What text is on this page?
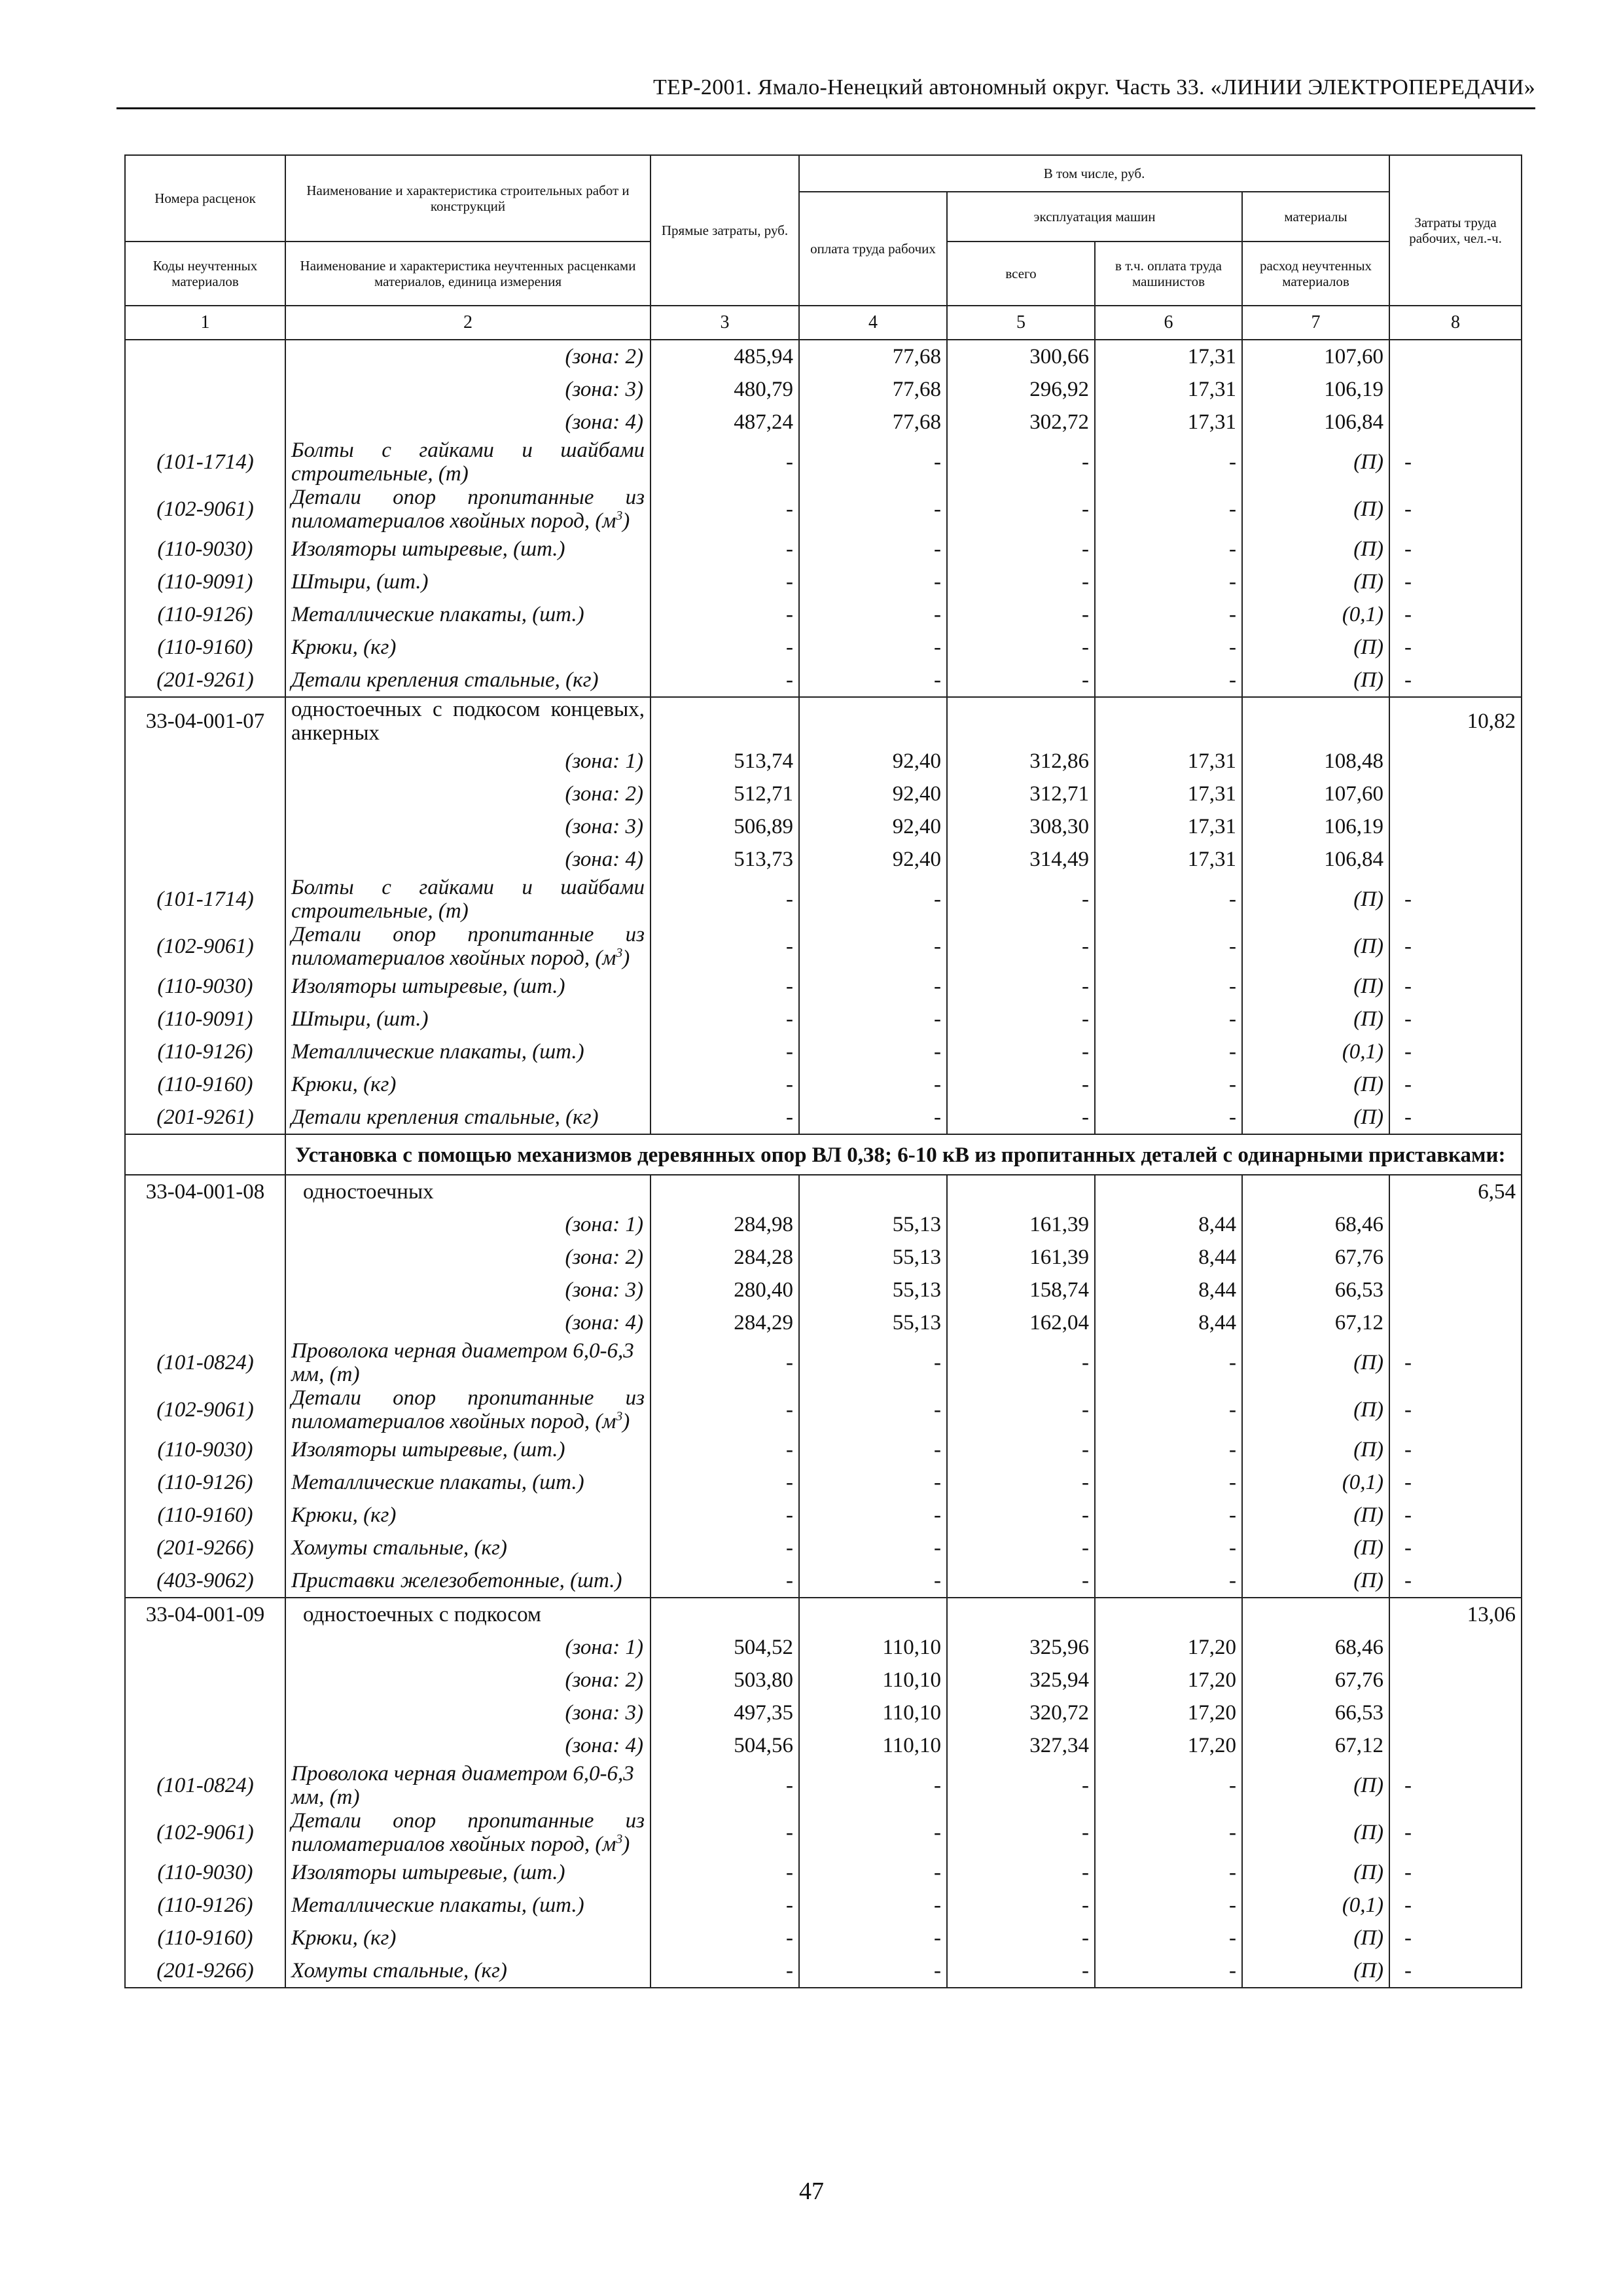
ТЕР-2001. Ямало-Ненецкий автономный округ. Часть 33. «ЛИНИИ ЭЛЕКТРОПЕРЕДАЧИ»
Номера расценок	Наименование и характеристика строительных работ и конструкций	Прямые затраты, руб.	В том числе, руб.				Затраты труда рабочих, чел.-ч.
			оплата труда рабочих	эксплуатация машин		материалы	
Коды неучтенных материалов	Наименование и характеристика неучтенных расценками материалов, единица измерения			всего	в т.ч. оплата труда машинистов	расход неучтенных материалов	
1	2	3	4	5	6	7	8
	(зона: 2)	485,94	77,68	300,66	17,31	107,60	
	(зона: 3)	480,79	77,68	296,92	17,31	106,19	
	(зона: 4)	487,24	77,68	302,72	17,31	106,84	
(101-1714)	Болты с гайками и шайбами строительные, (т)	-	-	-	-	(П)	-
(102-9061)	Детали опор пропитанные из пиломатериалов хвойных пород, $(м^3)$	-	-	-	-	(П)	-
(110-9030)	Изоляторы штыревые, (шт.)	-	-	-	-	(П)	-
(110-9091)	Штыри, (шт.)	-	-	-	-	(П)	-
(110-9126)	Металлические плакаты, (шт.)	-	-	-	-	(0,1)	-
(110-9160)	Крюки, (кг)	-	-	-	-	(П)	-
(201-9261)	Детали крепления стальные, (кг)	-	-	-	-	(П)	-
33-04-001-07	одностоечных с подкосом концевых, анкерных						10,82
	(зона: 1)	513,74	92,40	312,86	17,31	108,48	
	(зона: 2)	512,71	92,40	312,71	17,31	107,60	
	(зона: 3)	506,89	92,40	308,30	17,31	106,19	
	(зона: 4)	513,73	92,40	314,49	17,31	106,84	
(101-1714)	Болты с гайками и шайбами строительные, (т)	-	-	-	-	(П)	-
(102-9061)	Детали опор пропитанные из пиломатериалов хвойных пород, $(м^3)$	-	-	-	-	(П)	-
(110-9030)	Изоляторы штыревые, (шт.)	-	-	-	-	(П)	-
(110-9091)	Штыри, (шт.)	-	-	-	-	(П)	-
(110-9126)	Металлические плакаты, (шт.)	-	-	-	-	(0,1)	-
(110-9160)	Крюки, (кг)	-	-	-	-	(П)	-
(201-9261)	Детали крепления стальные, (кг)	-	-	-	-	(П)	-
	Установка с помощью механизмов деревянных опор ВЛ 0,38; 6-10 кВ из пропитанных деталей с одинарными приставками:						
33-04-001-08	одностоечных						6,54
	(зона: 1)	284,98	55,13	161,39	8,44	68,46	
	(зона: 2)	284,28	55,13	161,39	8,44	67,76	
	(зона: 3)	280,40	55,13	158,74	8,44	66,53	
	(зона: 4)	284,29	55,13	162,04	8,44	67,12	
(101-0824)	Проволока черная диаметром 6,0-6,3 мм, (т)	-	-	-	-	(П)	-
(102-9061)	Детали опор пропитанные из пиломатериалов хвойных пород, $(м^3)$	-	-	-	-	(П)	-
(110-9030)	Изоляторы штыревые, (шт.)	-	-	-	-	(П)	-
(110-9126)	Металлические плакаты, (шт.)	-	-	-	-	(0,1)	-
(110-9160)	Крюки, (кг)	-	-	-	-	(П)	-
(201-9266)	Хомуты стальные, (кг)	-	-	-	-	(П)	-
(403-9062)	Приставки железобетонные, (шт.)	-	-	-	-	(П)	-
33-04-001-09	одностоечных с подкосом						13,06
	(зона: 1)	504,52	110,10	325,96	17,20	68,46	
	(зона: 2)	503,80	110,10	325,94	17,20	67,76	
	(зона: 3)	497,35	110,10	320,72	17,20	66,53	
	(зона: 4)	504,56	110,10	327,34	17,20	67,12	
(101-0824)	Проволока черная диаметром 6,0-6,3 мм, (т)	-	-	-	-	(П)	-
(102-9061)	Детали опор пропитанные из пиломатериалов хвойных пород, $(м^3)$	-	-	-	-	(П)	-
(110-9030)	Изоляторы штыревые, (шт.)	-	-	-	-	(П)	-
(110-9126)	Металлические плакаты, (шт.)	-	-	-	-	(0,1)	-
(110-9160)	Крюки, (кг)	-	-	-	-	(П)	-
(201-9266)	Хомуты стальные, (кг)	-	-	-	-	(П)	-
47
